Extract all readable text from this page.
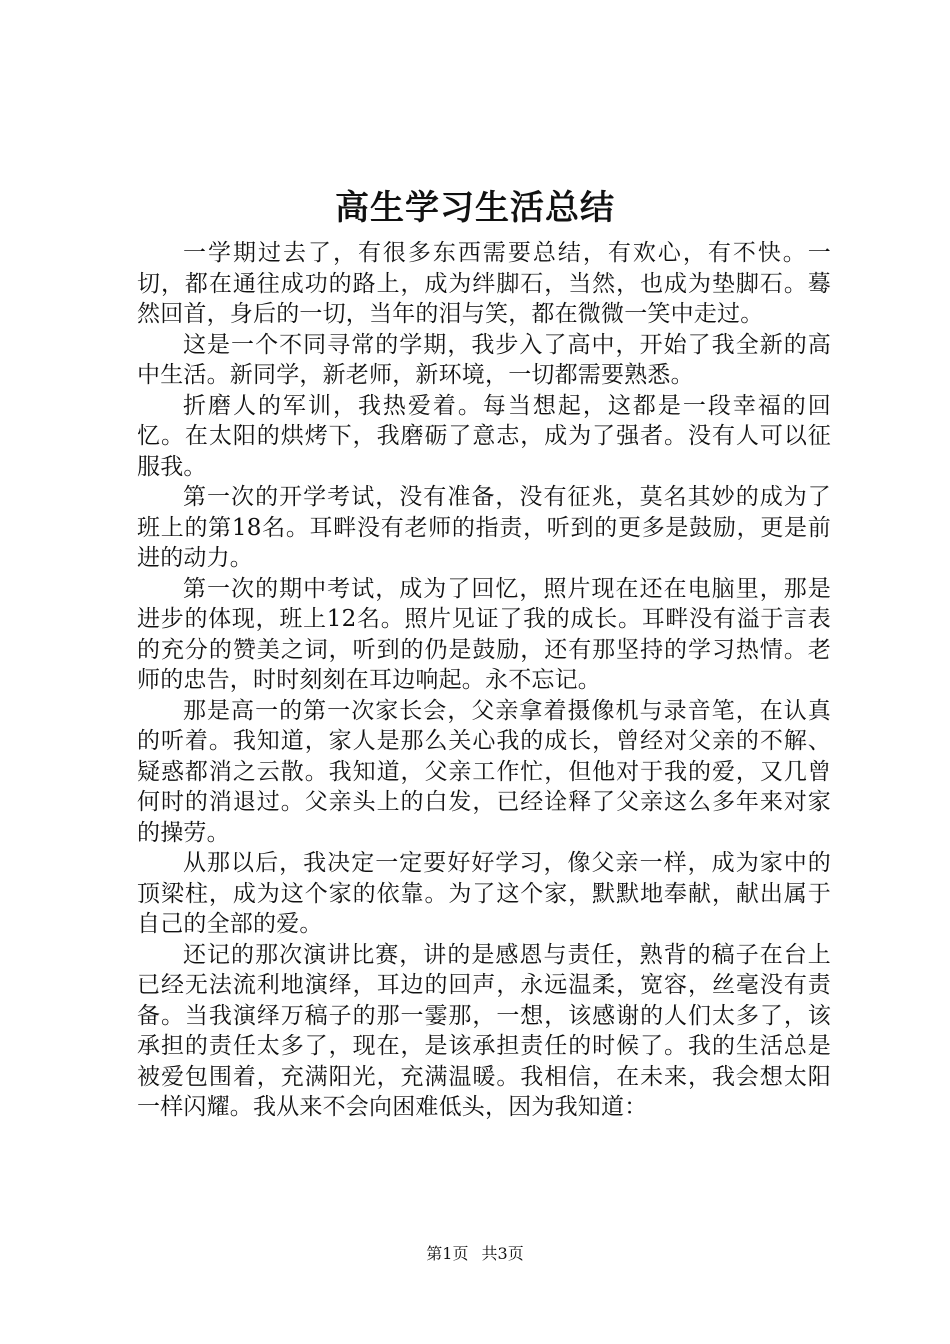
高生学习生活总结

一学期过去了，有很多东西需要总结，有欢心，有不快。一切，都在通往成功的路上，成为绊脚石，当然，也成为垫脚石。蓦然回首，身后的一切，当年的泪与笑，都在微微一笑中走过。

这是一个不同寻常的学期，我步入了高中，开始了我全新的高中生活。新同学，新老师，新环境，一切都需要熟悉。

折磨人的军训，我热爱着。每当想起，这都是一段幸福的回忆。在太阳的烘烤下，我磨砺了意志，成为了强者。没有人可以征服我。

第一次的开学考试，没有准备，没有征兆，莫名其妙的成为了班上的第18名。耳畔没有老师的指责，听到的更多是鼓励，更是前进的动力。

第一次的期中考试，成为了回忆，照片现在还在电脑里，那是进步的体现，班上12名。照片见证了我的成长。耳畔没有溢于言表的充分的赞美之词，听到的仍是鼓励，还有那坚持的学习热情。老师的忠告，时时刻刻在耳边响起。永不忘记。

那是高一的第一次家长会，父亲拿着摄像机与录音笔，在认真的听着。我知道，家人是那么关心我的成长，曾经对父亲的不解、疑惑都消之云散。我知道，父亲工作忙，但他对于我的爱，又几曾何时的消退过。父亲头上的白发，已经诠释了父亲这么多年来对家的操劳。

从那以后，我决定一定要好好学习，像父亲一样，成为家中的顶梁柱，成为这个家的依靠。为了这个家，默默地奉献，献出属于自己的全部的爱。

还记的那次演讲比赛，讲的是感恩与责任，熟背的稿子在台上已经无法流利地演绎，耳边的回声，永远温柔，宽容，丝毫没有责备。当我演绎万稿子的那一霎那，一想，该感谢的人们太多了，该承担的责任太多了，现在，是该承担责任的时候了。我的生活总是被爱包围着，充满阳光，充满温暖。我相信，在未来，我会想太阳一样闪耀。我从来不会向困难低头，因为我知道：

第1页 共3页
